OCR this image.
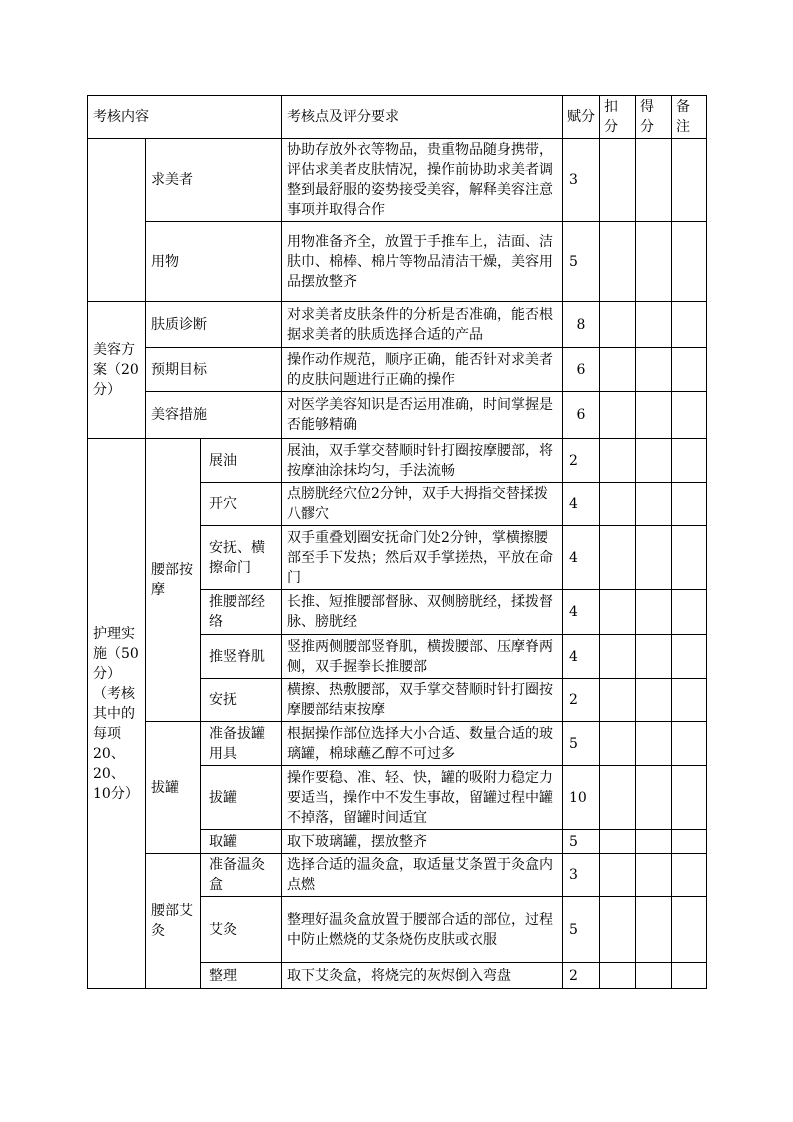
考核内容			考核点及评分要求	赋分	扣分	得分	备注
	求美者		协助存放外衣等物品，贵重物品随身携带，评估求美者皮肤情况，操作前协助求美者调整到最舒服的姿势接受美容，解释美容注意事项并取得合作	3			
	用物		用物准备齐全，放置于手推车上，洁面、洁肤巾、棉棒、棉片等物品清洁干燥，美容用品摆放整齐	5			
美容方案（20分）	肤质诊断		对求美者皮肤条件的分析是否准确，能否根据求美者的肤质选择合适的产品	8			
	预期目标		操作动作规范，顺序正确，能否针对求美者的皮肤问题进行正确的操作	6			
	美容措施		对医学美容知识是否运用准确，时间掌握是否能够精确	6			
护理实施（50分）（考核其中的每项20、20、10分）	腰部按摩	展油	展油，双手掌交替顺时针打圈按摩腰部，将按摩油涂抹均匀，手法流畅	2			
		开穴	点膀胱经穴位2分钟，双手大拇指交替揉拨八髎穴	4			
		安抚、横擦命门	双手重叠划圈安抚命门处2分钟，掌横擦腰部至手下发热；然后双手掌搓热，平放在命门	4			
		推腰部经络	长推、短推腰部督脉、双侧膀胱经，揉拨督脉、膀胱经	4			
		推竖脊肌	竖推两侧腰部竖脊肌，横拨腰部、压摩脊两侧，双手握拳长推腰部	4			
		安抚	横擦、热敷腰部，双手掌交替顺时针打圈按摩腰部结束按摩	2			
	拔罐	准备拔罐用具	根据操作部位选择大小合适、数量合适的玻璃罐，棉球蘸乙醇不可过多	5			
		拔罐	操作要稳、准、轻、快，罐的吸附力稳定力要适当，操作中不发生事故，留罐过程中罐不掉落，留罐时间适宜	10			
		取罐	取下玻璃罐，摆放整齐	5			
	腰部艾灸	准备温灸盒	选择合适的温灸盒，取适量艾条置于灸盒内点燃	3			
		艾灸	整理好温灸盒放置于腰部合适的部位，过程中防止燃烧的艾条烧伤皮肤或衣服	5			
		整理	取下艾灸盒，将烧完的灰烬倒入弯盘	2			
